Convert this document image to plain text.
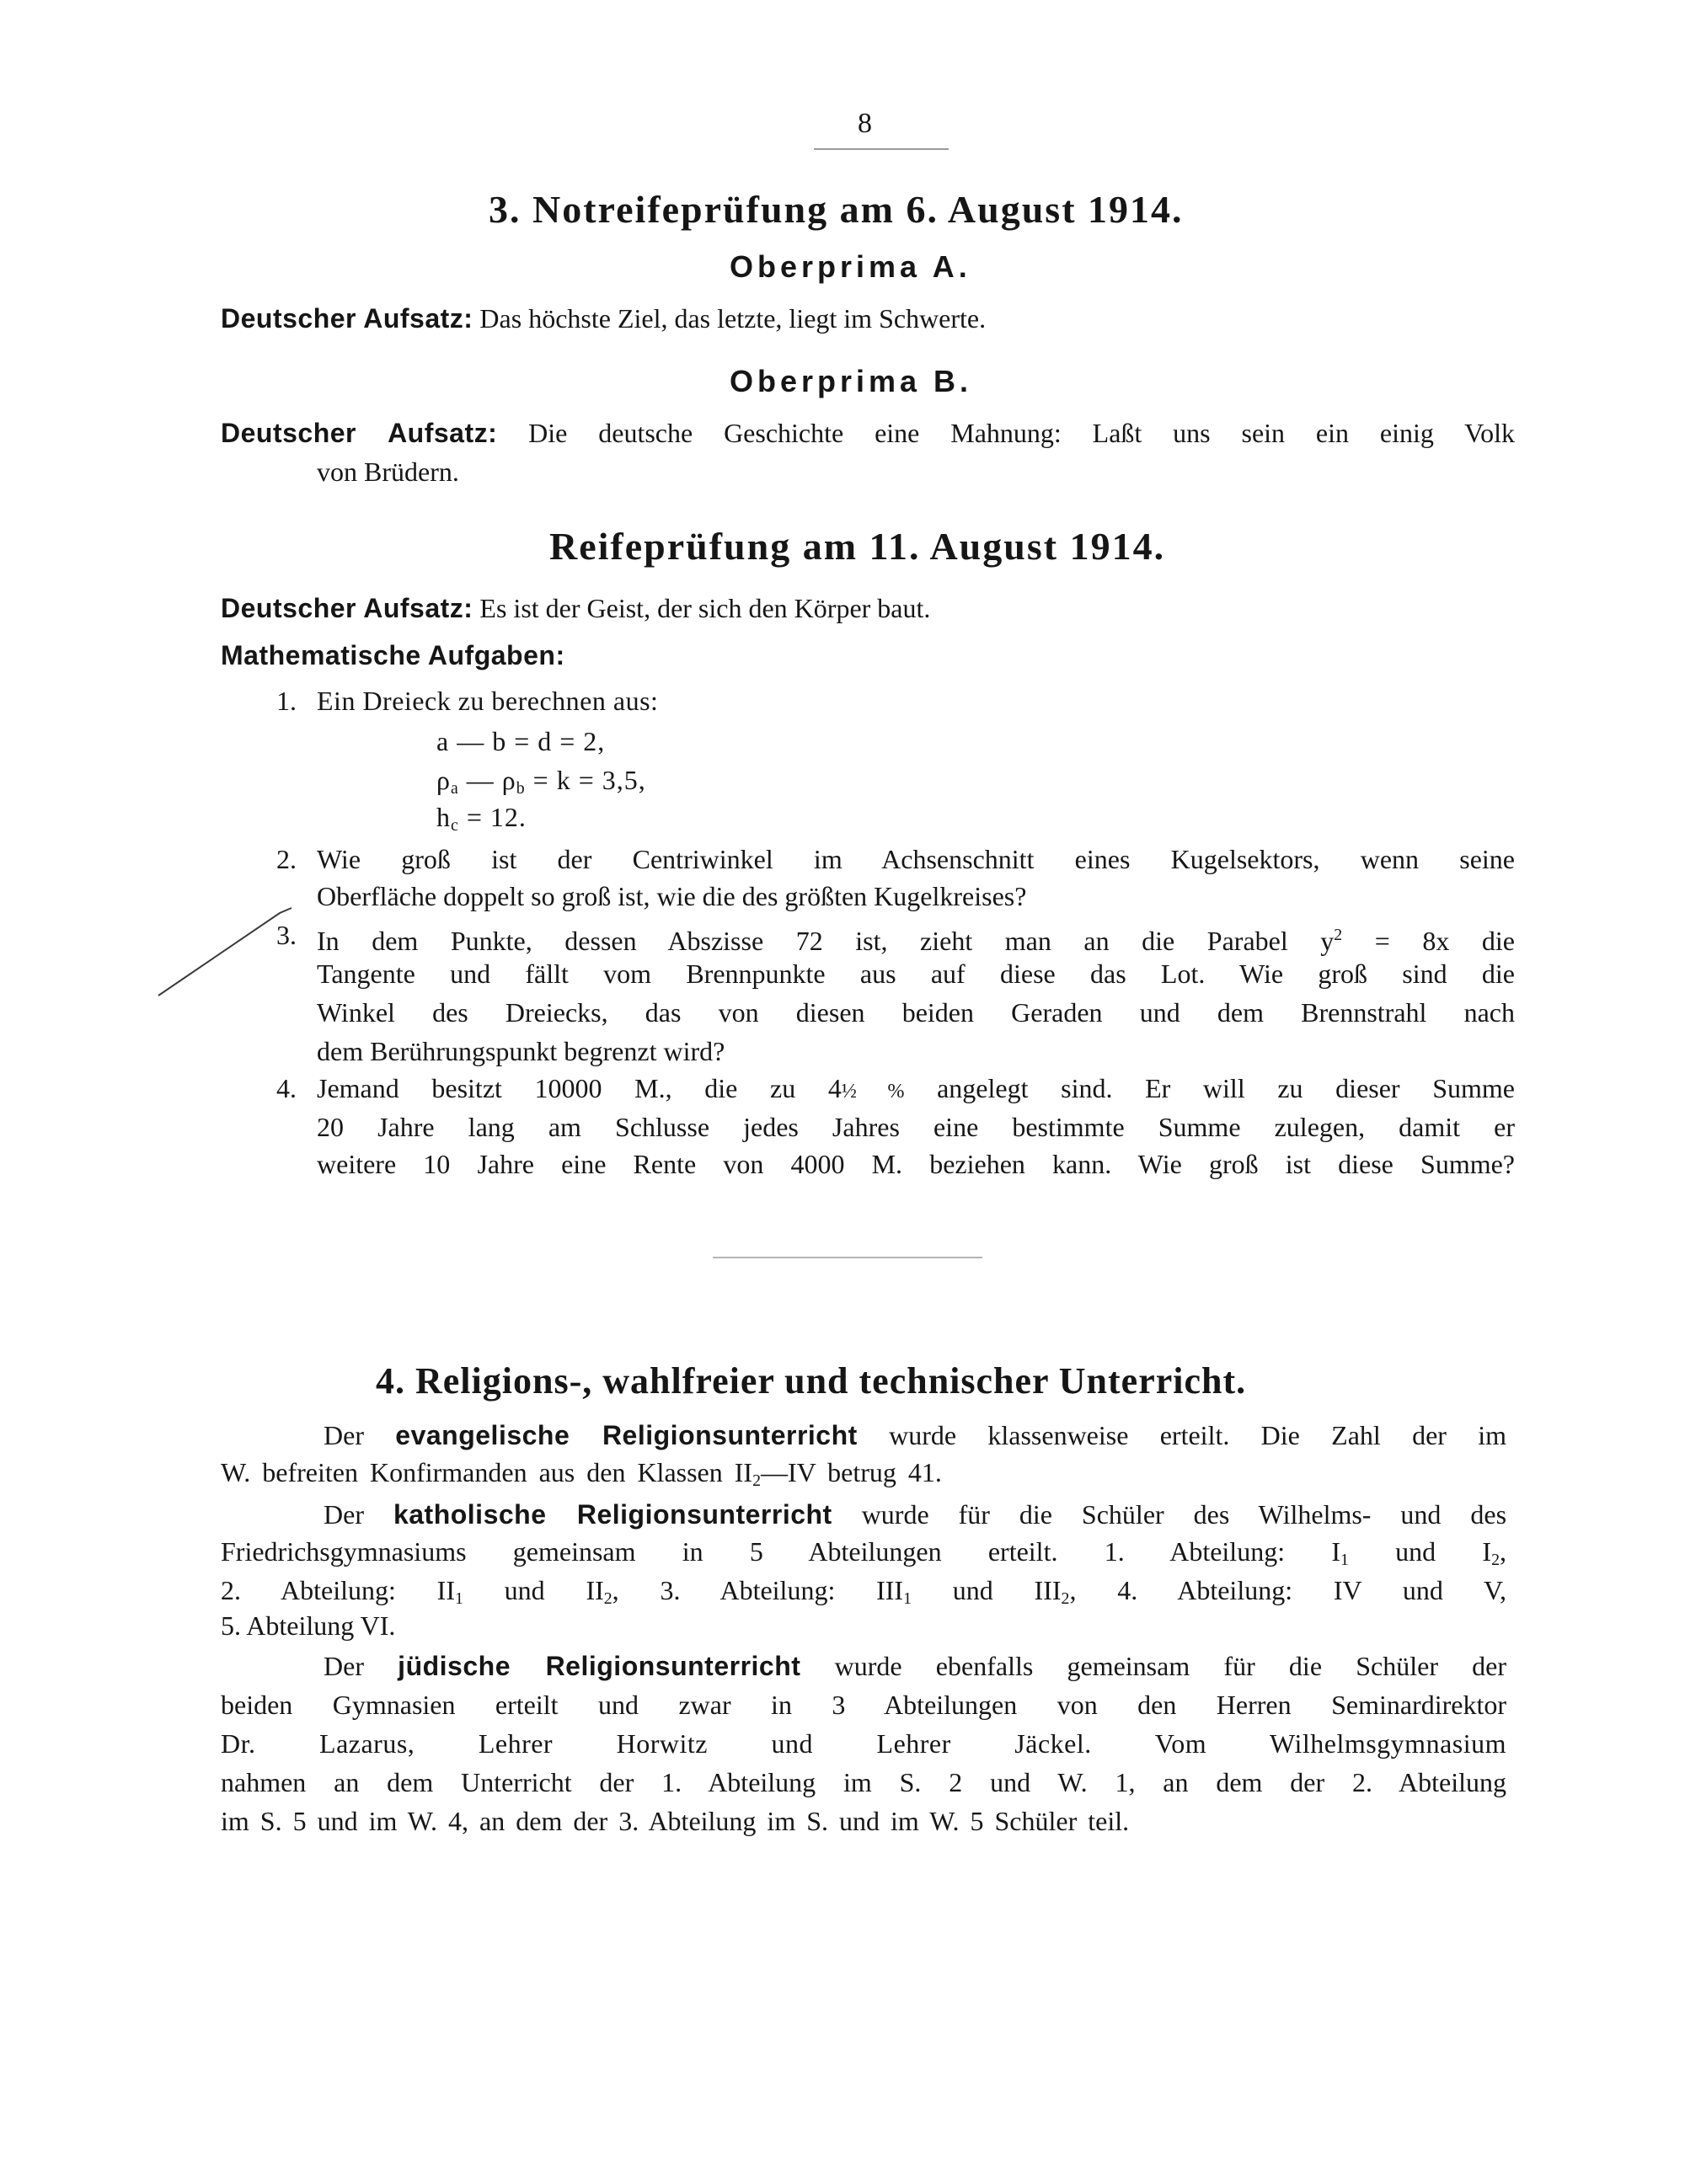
8
3. Notreifeprüfung am 6. August 1914.
Oberprima A.
Deutscher Aufsatz: Das höchste Ziel, das letzte, liegt im Schwerte.
Oberprima B.
Deutscher Aufsatz: Die deutsche Geschichte eine Mahnung: Laßt uns sein ein einig Volk
von Brüdern.
Reifeprüfung am 11. August 1914.
Deutscher Aufsatz: Es ist der Geist, der sich den Körper baut.
Mathematische Aufgaben:
1. Ein Dreieck zu berechnen aus:
a — b = d = 2,
$\rho_a$ — $\rho_b = k = 3,5$,
$h_c = 12$.
2. Wie groß ist der Centriwinkel im Achsenschnitt eines Kugelsektors, wenn seine
Oberfläche doppelt so groß ist, wie die des größten Kugelkreises?
3. In dem Punkte, dessen Abszisse 72 ist, zieht man an die Parabel $y^2 = 8x$ die
Tangente und fällt vom Brennpunkte aus auf diese das Lot. Wie groß sind die
Winkel des Dreiecks, das von diesen beiden Geraden und dem Brennstrahl nach
dem Berührungspunkt begrenzt wird?
4. Jemand besitzt 10000 M., die zu 4½ % angelegt sind. Er will zu dieser Summe
20 Jahre lang am Schlusse jedes Jahres eine bestimmte Summe zulegen, damit er
weitere 10 Jahre eine Rente von 4000 M. beziehen kann. Wie groß ist diese Summe?
4. Religions-, wahlfreier und technischer Unterricht.
Der evangelische Religionsunterricht wurde klassenweise erteilt. Die Zahl der im
W. befreiten Konfirmanden aus den Klassen $II_2—IV$ betrug 41.
Der katholische Religionsunterricht wurde für die Schüler des Wilhelms- und des
Friedrichsgymnasiums gemeinsam in 5 Abteilungen erteilt. 1. Abteilung: $I_1$ und $I_2$,
2. Abteilung: $II_1$ und $II_2$, 3. Abteilung: $III_1$ und $III_2$, 4. Abteilung: IV und V,
5. Abteilung VI.
Der jüdische Religionsunterricht wurde ebenfalls gemeinsam für die Schüler der
beiden Gymnasien erteilt und zwar in 3 Abteilungen von den Herren Seminardirektor
Dr. Lazarus, Lehrer Horwitz und Lehrer Jäckel. Vom Wilhelmsgymnasium
nahmen an dem Unterricht der 1. Abteilung im S. 2 und W. 1, an dem der 2. Abteilung
im S. 5 und im W. 4, an dem der 3. Abteilung im S. und im W. 5 Schüler teil.
